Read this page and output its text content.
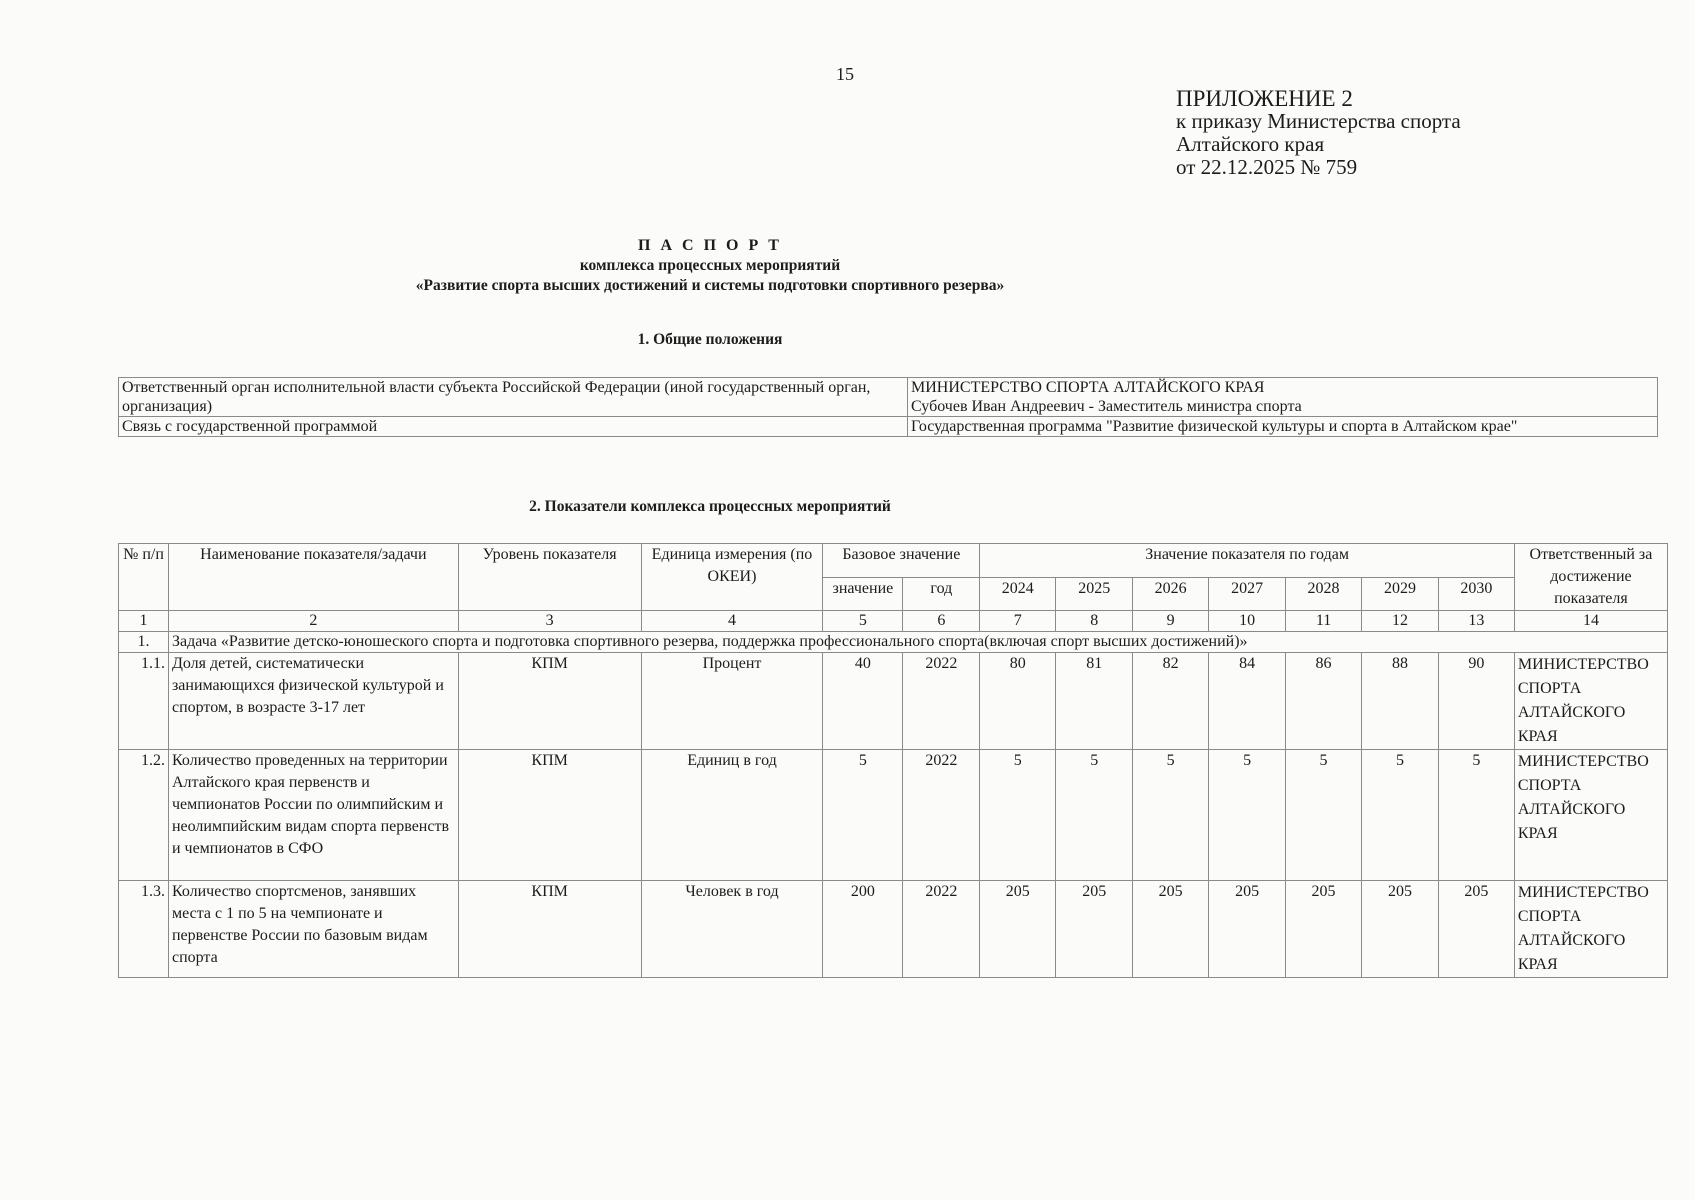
15
ПРИЛОЖЕНИЕ 2
к приказу Министерства спорта
Алтайского края
от 22.12.2025 № 759
П А С П О Р Т
комплекса процессных мероприятий
«Развитие спорта высших достижений и системы подготовки спортивного резерва»
1. Общие положения
Ответственный орган исполнительной власти субъекта Российской Федерации (иной государственный орган, организация)	МИНИСТЕРСТВО СПОРТА АЛТАЙСКОГО КРАЯ
Субочев Иван Андреевич - Заместитель министра спорта

Связь с государственной программой	Государственная программа "Развитие физической культуры и спорта в Алтайском крае"
2. Показатели комплекса процессных мероприятий
№ п/п	Наименование показателя/задачи	Уровень показателя	Единица измерения (по ОКЕИ)	Базовое значение		Значение показателя по годам							Ответственный за достижение показателя
				значение	год	2024	2025	2026	2027	2028	2029	2030	
1	2	3	4	5	6	7	8	9	10	11	12	13	14
1.	Задача «Развитие детско-юношеского спорта и подготовка спортивного резерва, поддержка профессионального спорта(включая спорт высших достижений)»												
1.1.	Доля детей, систематически занимающихся физической культурой и спортом, в возрасте 3-17 лет	КПМ	Процент	40	2022	80	81	82	84	86	88	90	МИНИСТЕРСТВО СПОРТА АЛТАЙСКОГО КРАЯ
1.2.	Количество проведенных на территории Алтайского края первенств и чемпионатов России по олимпийским и неолимпийским видам спорта первенств и чемпионатов в СФО	КПМ	Единиц в год	5	2022	5	5	5	5	5	5	5	МИНИСТЕРСТВО СПОРТА АЛТАЙСКОГО КРАЯ
1.3.	Количество спортсменов, занявших места с 1 по 5 на чемпионате и первенстве России по базовым видам спорта	КПМ	Человек в год	200	2022	205	205	205	205	205	205	205	МИНИСТЕРСТВО СПОРТА АЛТАЙСКОГО КРАЯ
